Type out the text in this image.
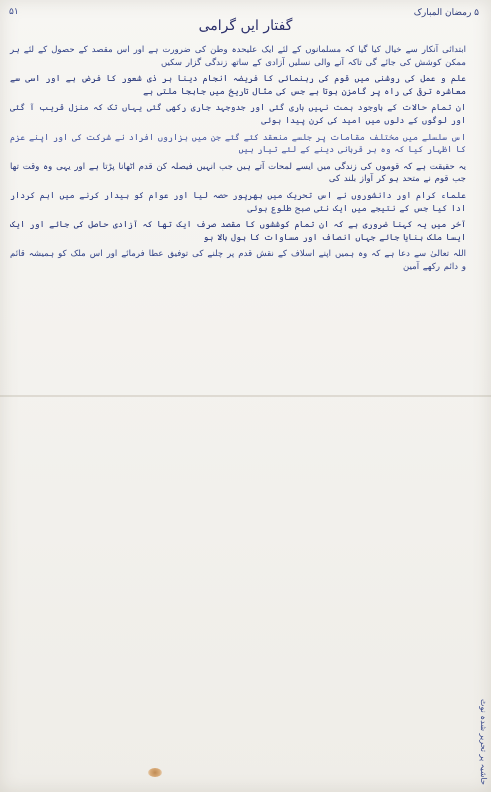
۵۱	۵ رمضان المبارک
گفتار ایں گرامی

ابتدائی آنکار سے خیال کیا گیا کہ مسلمانوں کے لئے ایک علیحدہ وطن کی ضرورت ہے اور اس مقصد کے حصول کے لئے ہر ممکن کوشش کی جائے گی تاکہ آنے والی نسلیں آزادی کے ساتھ زندگی گزار سکیں

علم و عمل کی روشنی میں قوم کی رہنمائی کا فریضہ انجام دینا ہر ذی شعور کا فرض ہے اور اسی سے معاشرہ ترقی کی راہ پر گامزن ہوتا ہے جس کی مثال تاریخ میں جابجا ملتی ہے

ان تمام حالات کے باوجود ہمت نہیں ہاری گئی اور جدوجہد جاری رکھی گئی یہاں تک کہ منزل قریب آ گئی اور لوگوں کے دلوں میں امید کی کرن پیدا ہوئی

اس سلسلے میں مختلف مقامات پر جلسے منعقد کئے گئے جن میں ہزاروں افراد نے شرکت کی اور اپنے عزم کا اظہار کیا کہ وہ ہر قربانی دینے کے لئے تیار ہیں

یہ حقیقت ہے کہ قوموں کی زندگی میں ایسے لمحات آتے ہیں جب انہیں فیصلہ کن قدم اٹھانا پڑتا ہے اور یہی وہ وقت تھا جب قوم نے متحد ہو کر آواز بلند کی

علماء کرام اور دانشوروں نے اس تحریک میں بھرپور حصہ لیا اور عوام کو بیدار کرنے میں اہم کردار ادا کیا جس کے نتیجے میں ایک نئی صبح طلوع ہوئی

آخر میں یہ کہنا ضروری ہے کہ ان تمام کوششوں کا مقصد صرف ایک تھا کہ آزادی حاصل کی جائے اور ایک ایسا ملک بنایا جائے جہاں انصاف اور مساوات کا بول بالا ہو

اللہ تعالیٰ سے دعا ہے کہ وہ ہمیں اپنے اسلاف کے نقش قدم پر چلنے کی توفیق عطا فرمائے اور اس ملک کو ہمیشہ قائم و دائم رکھے آمین

حاشیہ پر تحریر شدہ نوٹ
